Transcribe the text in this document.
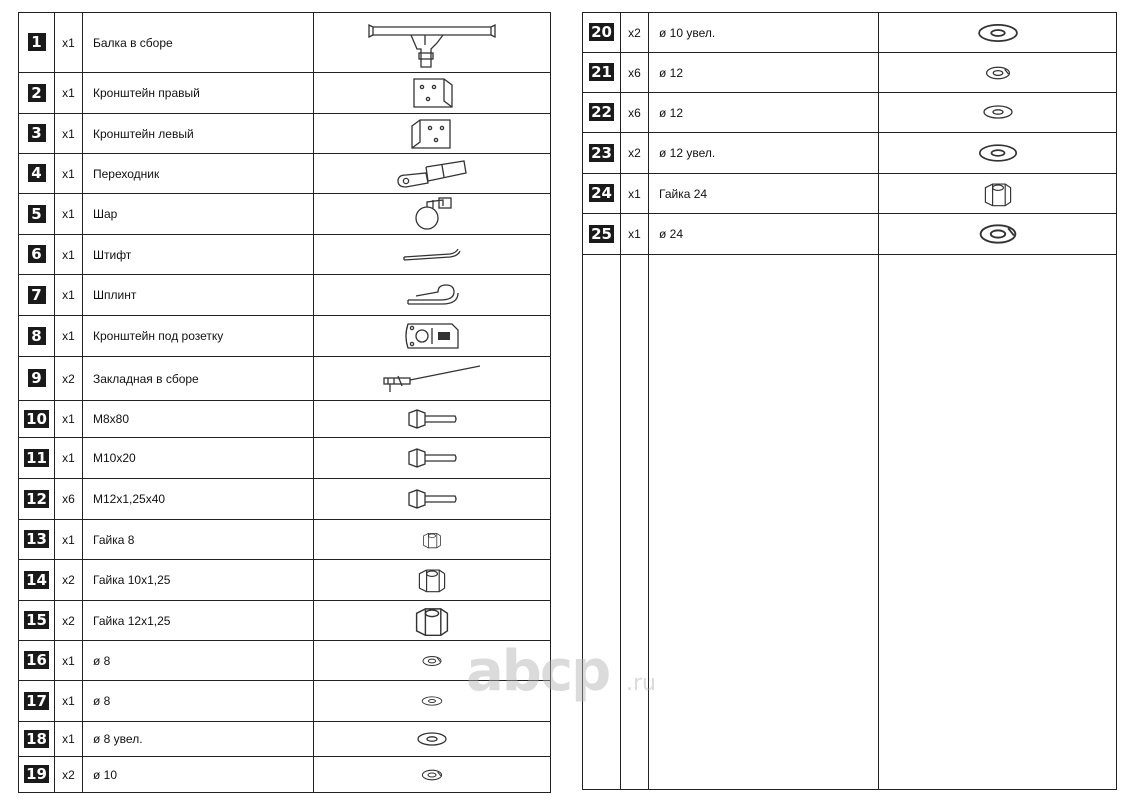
1	x1	Балка в сборе	
2	x1	Кронштейн правый	
3	x1	Кронштейн левый	
4	x1	Переходник	
5	x1	Шар	
6	x1	Штифт	
7	x1	Шплинт	
8	x1	Кронштейн под розетку	
9	x2	Закладная в сборе	
10	x1	M8x80	
11	x1	M10x20	
12	x6	M12x1,25x40	
13	x1	Гайка 8	
14	x2	Гайка 10x1,25	
15	x2	Гайка 12x1,25	
16	x1	ø 8	
17	x1	ø 8	
18	x1	ø 8 увел.	
19	x2	ø 10	
20	x2	ø 10 увел.	
21	x6	ø 12	
22	x6	ø 12	
23	x2	ø 12 увел.	
24	x1	Гайка 24	
25	x1	ø 24	

abcp .ru
